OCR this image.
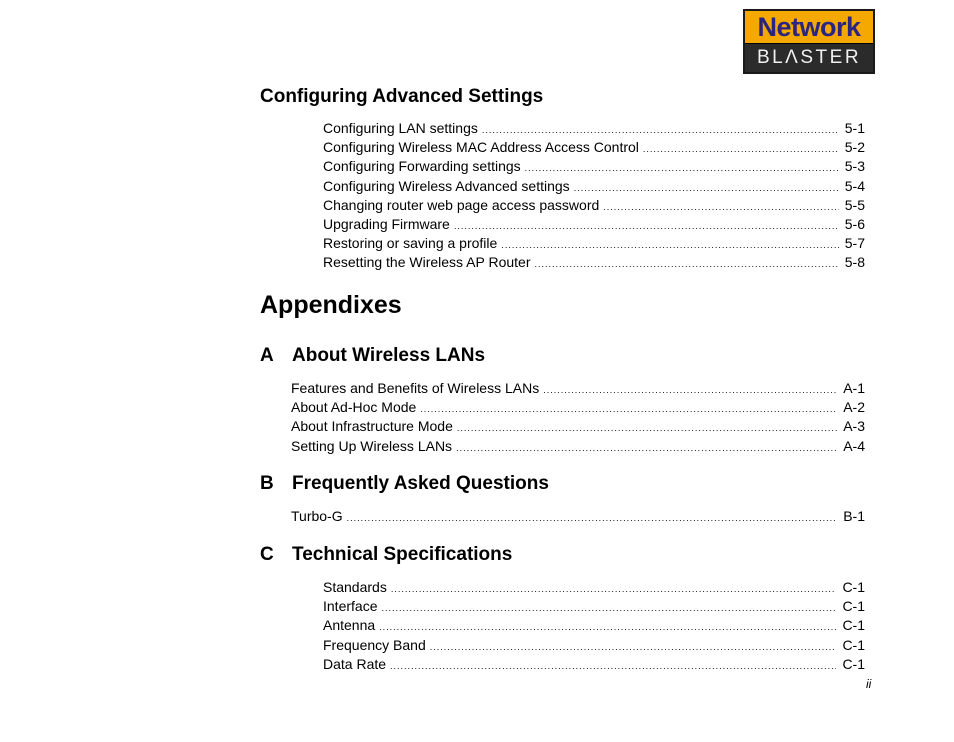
Network
BLΛSTER
Configuring Advanced Settings
Configuring LAN settings .....	5-1
Configuring Wireless MAC Address Access Control .....	5-2
Configuring Forwarding settings .....	5-3
Configuring Wireless Advanced settings .....	5-4
Changing router web page access password .....	5-5
Upgrading Firmware .....	5-6
Restoring or saving a profile .....	5-7
Resetting the Wireless AP Router .....	5-8
Appendixes
A About Wireless LANs
Features and Benefits of Wireless LANs .....	A-1
About Ad-Hoc Mode .....	A-2
About Infrastructure Mode .....	A-3
Setting Up Wireless LANs .....	A-4
B Frequently Asked Questions
Turbo-G .....	B-1
C Technical Specifications
Standards .....	C-1
Interface .....	C-1
Antenna .....	C-1
Frequency Band .....	C-1
Data Rate .....	C-1
ii
